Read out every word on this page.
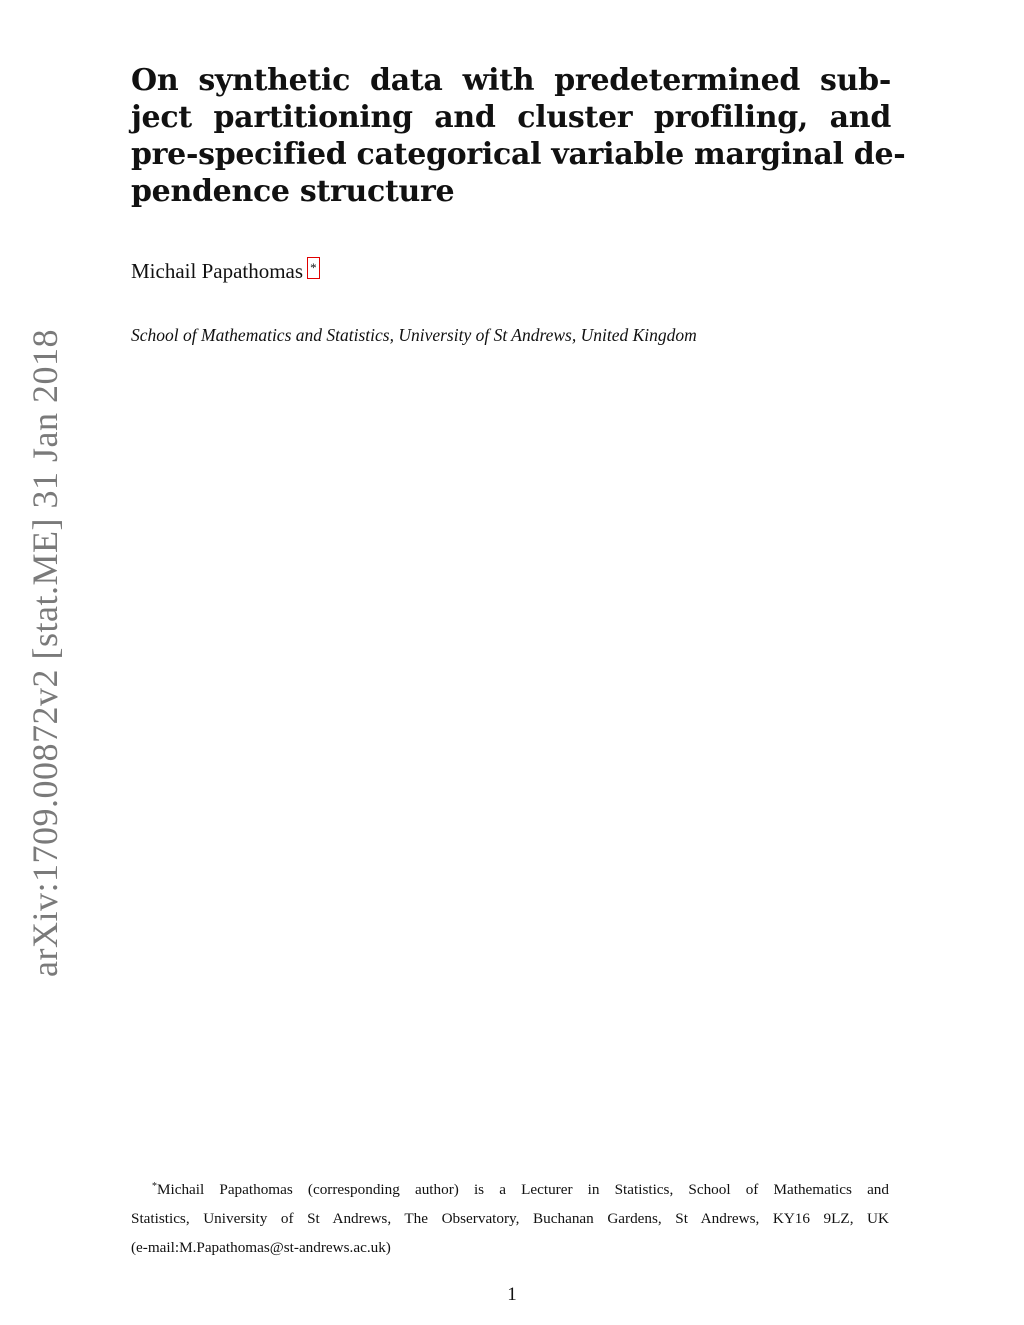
arXiv:1709.00872v2 [stat.ME] 31 Jan 2018
On synthetic data with predetermined sub-
ject partitioning and cluster profiling, and
pre-specified categorical variable marginal de-
pendence structure
Michail Papathomas *
School of Mathematics and Statistics, University of St Andrews, United Kingdom
*Michail Papathomas (corresponding author) is a Lecturer in Statistics, School of Mathematics and
Statistics, University of St Andrews, The Observatory, Buchanan Gardens, St Andrews, KY16 9LZ, UK
(e-mail:M.Papathomas@st-andrews.ac.uk)
1
